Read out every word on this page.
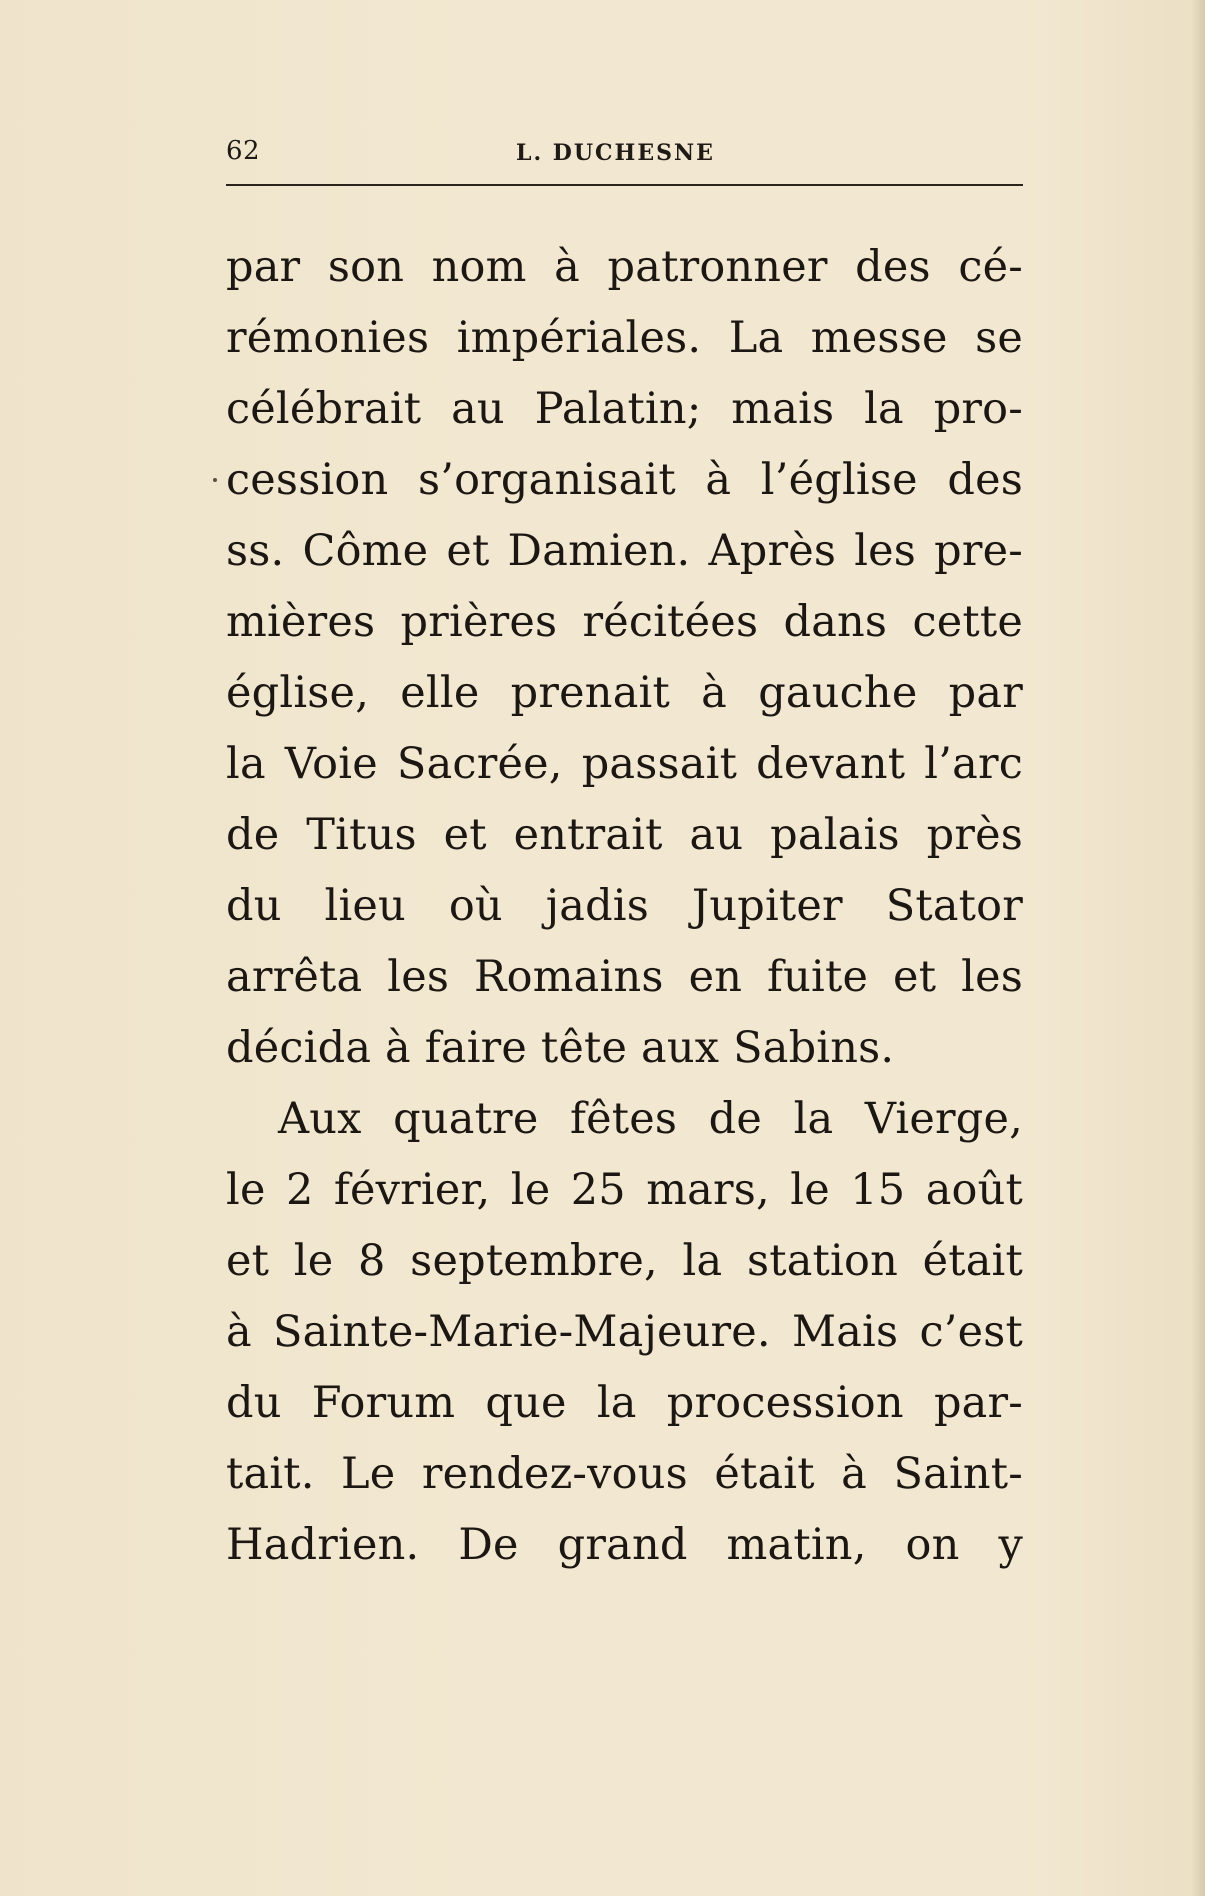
62	L. DUCHESNE
par son nom à patronner des cé-
rémonies impériales. La messe se
célébrait au Palatin; mais la pro-
cession s’organisait à l’église des
ss. Côme et Damien. Après les pre-
mières prières récitées dans cette
église, elle prenait à gauche par
la Voie Sacrée, passait devant l’arc
de Titus et entrait au palais près
du lieu où jadis Jupiter Stator
arrêta les Romains en fuite et les
décida à faire tête aux Sabins.
Aux quatre fêtes de la Vierge,
le 2 février, le 25 mars, le 15 août
et le 8 septembre, la station était
à Sainte-Marie-Majeure. Mais c’est
du Forum que la procession par-
tait. Le rendez-vous était à Saint-
Hadrien. De grand matin, on y
